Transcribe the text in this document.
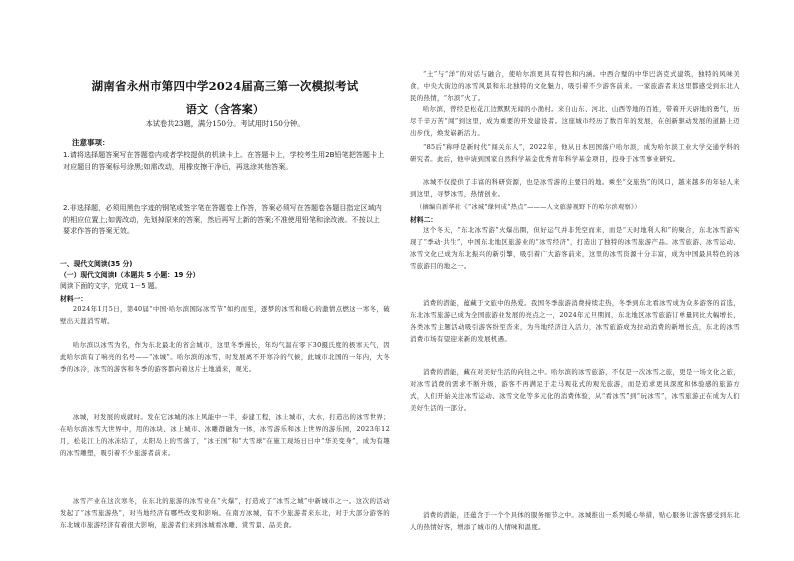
湖南省永州市第四中学2024届高三第一次模拟考试
语文（含答案）
本试卷共23题，满分150分。考试用时150分钟。
注意事项：
1.请将选择题答案写在答题卷内或者学校提供的机读卡上。在答题卡上，学校考生用2B铅笔把答题卡上对应题目的答案标号涂黑;如需改动，用橡皮擦干净后，再选涂其他答案。
2.非选择题，必须用黑色字迹的钢笔或签字笔在答题卷上作答，答案必须写在答题卷各题目指定区域内的相应位置上;如需改动，先划掉原来的答案，然后再写上新的答案;不准使用铅笔和涂改液。不按以上要求作答的答案无效。
一、现代文阅读(35 分)
（一）现代文阅读Ⅰ（本题共 5 小题：19 分）
阅读下面的文字，完成 1－5 题。
材料一：
2024年1月5日，第40届“中国·哈尔滨国际冰雪节”如约而至，逐梦的冰雪和暖心的激情点燃这一寒冬，破壁出天涯消雪晴。
哈尔滨以冰雪为名，作为东北最北的省会城市，这里冬季漫长，年均气温在零下30摄氏度的极寒天气，因此哈尔滨有了响亮的名号——“冰城”。哈尔滨的冰雪，时发展离不开寒冷的气候，此城市北国的一年内，大冬季的冰冷，冰雪的游客和冬季的游客都向着这片土地涌来，观光。
冰城，对发展的成就时。发在它冰城的冰上风能中一半，泰建工程，冰上城市，大水，打造出的冰雪世界；在哈尔滨冰雪大世界中，用的冰块、冰上城市、冰雕群融为一体，冰雪游乐和冰上世界的游乐园，2023年12月，松花江上的冰冻结了，太阳岛上的雪落了，“冰王国”和“大雪球”在施工现场日日中“华美变身”，成为有趣的冰雪雕塑，吸引着不少旅游者前来。
冰雪产业在这次寒冬，在东北的旅游的冰雪业在“火爆”，打造成了“冰雪之城”中新城市之一。这次的活动发起了“冰雪旅游热”，对当地经济有哪些改变和影响。在南方冰城，有不少旅游者来东北，对于大部分游客的东北城市旅游经济有着很大影响，旅游者们来到冰城看冰雕、赏雪景、品美食。
“土”与“洋”的对话与融合，使哈尔滨更具有特色和内涵。中西合璧的中华巴洛克式建筑，独特的风味美食，中央大街边的冰雪风景和东北独特的文化魅力，吸引着不少游客前来。一家旅游者来这里都感受到东北人民的热情，“尔滨”火了。
哈尔滨，曾经是松花江边默默无闻的小渔村。来自山东、河北、山西等地的百姓，带着开天辟地的勇气，历尽千辛万苦“闯”到这里，成为重要的开发建设者。这座城市经历了数百年的发展，在创新驱动发展的道路上迈出步伐，焕发崭新活力。
“85后”称呼是新时代“闯关东人”，2022年，他从日本回国落户哈尔滨，成为哈尔滨工业大学交通学科的研究者。此后，他申请到国家自然科学基金优秀青年科学基金项目，投身于冰雪事业研究。
冰城不仅提供了丰富的科研资源，也是冰雪游的主要目的地。乘坐“交旅热”的风口，越来越多的年轻人来到这里，寻梦冰雪，热情创业。
（摘编自新华社《“冰城”缘何成“热点”———人文旅游视野下的哈尔滨观察》）
材料二：
这个冬天，“东北冰雪游”火爆出圈，但好运气并非凭空而来，而是“天时地利人和”的聚合，东北冰雪游实现了“季动·共生”，中国东北地区旅游业的“冰雪经济”，打造出了独特的冰雪旅游产品。冰雪旅游、冰雪运动、冰雪文化已成为东北振兴的新引擎，吸引着广大游客前来，这里的冰雪资源十分丰富，成为中国最具特色的冰雪旅游目的地之一。
消费的潜能，蕴藏于文旅中的热爱。我国冬季旅游消费持续走热，冬季到东北看冰雪成为众多游客的首选，东北冰雪旅游已成为全国旅游业发展的亮点之一，2024年元旦期间，东北地区冰雪旅游订单量同比大幅增长，各类冰雪主题活动吸引游客纷至沓来，为当地经济注入活力，冰雪旅游成为拉动消费的新增长点，东北的冰雪消费市场有望迎来新的发展机遇。
消费的潜能，藏在对美好生活的向往之中。哈尔滨的冰雪旅游，不仅是一次冰雪之旅，更是一场文化之旅，对冰雪消费的需求不断升级，游客不再满足于走马观花式的观光旅游，而是追求更具深度和体验感的旅游方式，人们开始关注冰雪运动、冰雪文化等多元化的消费体验，从“看冰雪”到“玩冰雪”，冰雪旅游正在成为人们美好生活的一部分。
消费的潜能，还蕴含于一个个具体的服务细节之中。冰城推出一系列暖心举措，贴心服务让游客感受到东北人的热情好客，增添了城市的人情味和温度。
